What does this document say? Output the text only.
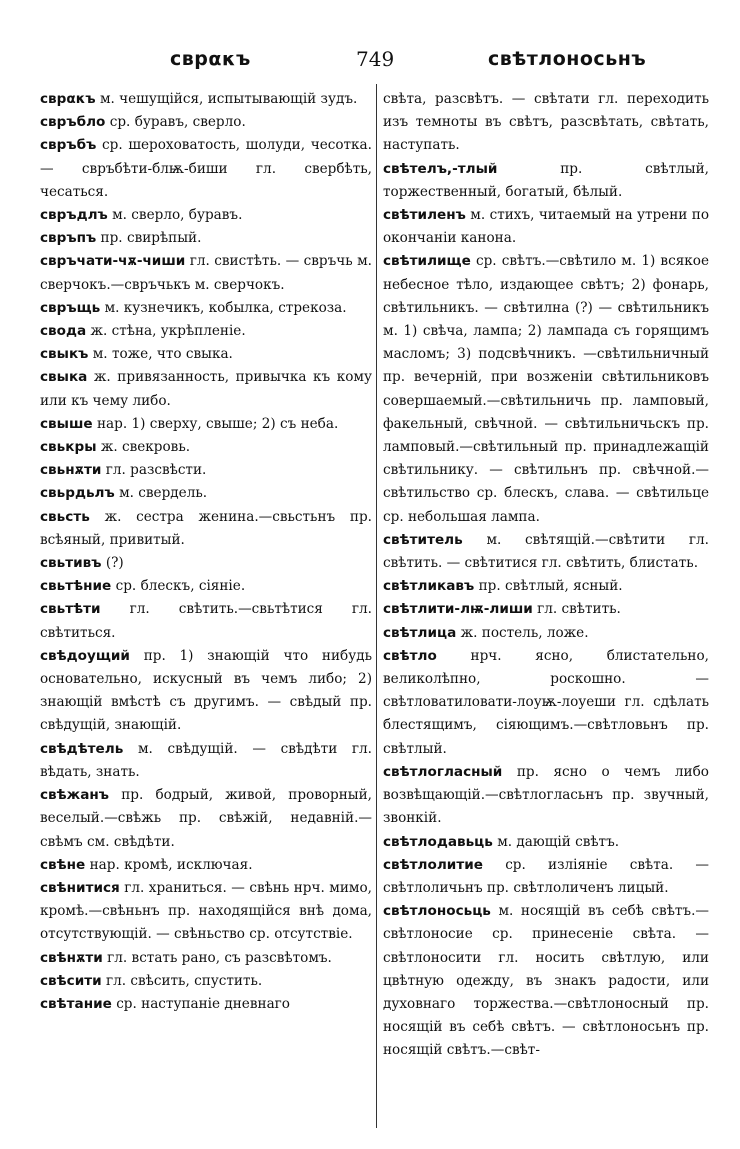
сврακъ	749	свѣтлоносьнъ

сврακъ м. чешущійся, испытывающій зудъ.

свръбло ср. буравъ, сверло.

свръбъ ср. шероховатость, шолуди, чесотка. — свръбѣти-блѭ-биши гл. свербѣть, чесаться.

свръдлъ м. сверло, буравъ.

свръпъ пр. свирѣпый.

свръчати-чѫ-чиши гл. свистѣть. — свръчь м. сверчокъ.—свръчькъ м. сверчокъ.

свръщь м. кузнечикъ, кобылка, стрекоза.

свода ж. стѣна, укрѣпленіе.

свыкъ м. тоже, что свыка.

свыка ж. привязанность, привычка къ кому или къ чему либо.

свыше нар. 1) сверху, свыше; 2) съ неба.

свькры ж. свекровь.

свьнѫти гл. разсвѣсти.

свьрдьлъ м. свердель.

свьсть ж. сестра женина.—свьстьнъ пр. всѣяный, привитый.

свьтивъ (?)

свьтѣние ср. блескъ, сіяніе.

свьтѣти гл. свѣтить.—свьтѣтися гл. свѣтиться.

свѣдоущий пр. 1) знающій что нибудь основательно, искусный въ чемъ либо; 2) знающій вмѣстѣ съ другимъ. — свѣдый пр. свѣдущій, знающій.

свѣдѣтель м. свѣдущій. — свѣдѣти гл. вѣдать, знать.

свѣжанъ пр. бодрый, живой, проворный, веселый.—свѣжь пр. свѣжій, недавній.—свѣмъ см. свѣдѣти.

свѣне нар. кромѣ, исключая.

свѣнитися гл. храниться. — свѣнь нрч. мимо, кромѣ.—свѣньнъ пр. находящійся внѣ дома, отсутствующій. — свѣньство ср. отсутствіе.

свѣнѫти гл. встать рано, съ разсвѣтомъ.

свѣсити гл. свѣсить, спустить.

свѣтание ср. наступаніе дневнаго

свѣта, разсвѣтъ. — свѣтати гл. переходить изъ темноты въ свѣтъ, разсвѣтать, свѣтать, наступать.

свѣтелъ,-тлый	пр. свѣтлый, торжественный, богатый, бѣлый.

свѣтиленъ м. стихъ, читаемый на утрени по окончаніи канона.

свѣтилище ср. свѣтъ.—свѣтило м. 1) всякое небесное тѣло, издающее свѣтъ; 2) фонарь, свѣтильникъ. — свѣтилна (?) — свѣтильникъ м. 1) свѣча, лампа; 2) лампада съ горящимъ масломъ; 3) подсвѣчникъ. —свѣтильничный пр. вечерній, при возженіи свѣтильниковъ совершаемый.—свѣтильничь пр. ламповый, факельный, свѣчной. — свѣтильничьскъ пр. ламповый.—свѣтильный пр. принадлежащій свѣтильнику. — свѣтильнъ пр. свѣчной.—свѣтильство ср. блескъ, слава. — свѣтильце ср. небольшая лампа.

свѣтитель м. свѣтящій.—свѣтити гл. свѣтить. — свѣтитися гл. свѣтить, блистать.

свѣтликавъ пр. свѣтлый, ясный.

свѣтлити-лѭ-лиши гл. свѣтить.

свѣтлица ж. постель, ложе.

свѣтло нрч. ясно, блистательно, великолѣпно, роскошно. — свѣтловатиловати-лоуѭ-лоуеши гл. сдѣлать блестящимъ, сіяющимъ.—свѣтловьнъ пр. свѣтлый.

свѣтлогласный пр. ясно о чемъ либо возвѣщающій.—свѣтлогласьнъ пр. звучный, звонкій.

свѣтлодавьць м. дающій свѣтъ.

свѣтлолитие ср. изліяніе свѣта. — свѣтлоличьнъ пр. свѣтлоличенъ лицый.

свѣтлоносьць м. носящій въ себѣ свѣтъ.—свѣтлоносие ср. принесеніе свѣта. — свѣтлоносити гл. носить свѣтлую, или цвѣтную одежду, въ знакъ радости, или духовнаго торжества.—свѣтлоносный пр. носящій въ себѣ свѣтъ. — свѣтлоносьнъ пр. носящій свѣтъ.—свѣт-
